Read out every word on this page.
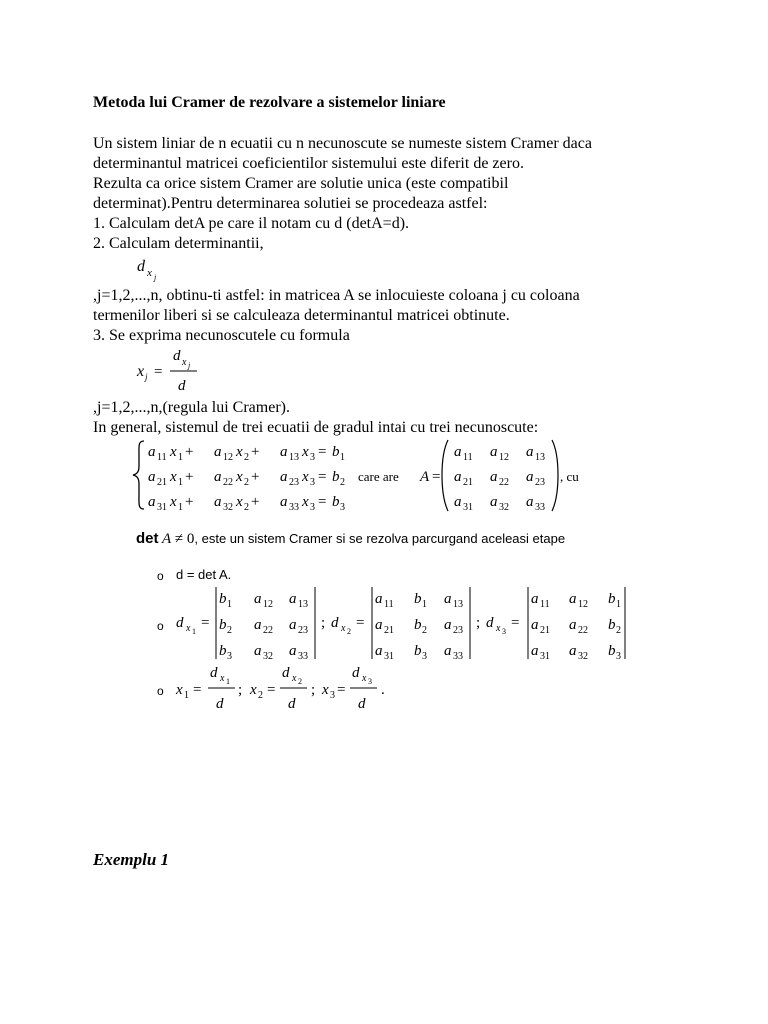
Metoda lui Cramer de rezolvare a sistemelor liniare
Un sistem liniar de n ecuatii cu n necunoscute se numeste sistem Cramer daca
determinantul matricei coeficientilor sistemului este diferit de zero.
Rezulta ca orice sistem Cramer are solutie unica (este compatibil
determinat).Pentru determinarea solutiei se procedeaza astfel:
1. Calculam detA pe care il notam cu d (detA=d).
2. Calculam determinantii,
d x j
,j=1,2,...,n, obtinu-ti astfel: in matricea A se inlocuieste coloana j cu coloana
termenilor liberi si se calculeaza determinantul matricei obtinute.
3. Se exprima necunoscutele cu formula
x j =
d x j
d
,j=1,2,...,n,(regula lui Cramer).
In general, sistemul de trei ecuatii de gradul intai cu trei necunoscute:
a 11 x 1 + a 12 x 2 + a 13 x 3 = b 1
a 21 x 1 + a 22 x 2 + a 23 x 3 = b 2
a 31 x 1 + a 32 x 2 + a 33 x 3 = b 3
care are A =
a 11 a 12 a 13
a 21 a 22 a 23
a 31 a 32 a 33
, cu
det A ≠ 0, este un sistem Cramer si se rezolva parcurgand aceleasi etape
o d = det A.
o d x 1
=
b 1 a 12 a 13
b 2 a 22 a 23
b 3 a 32 a 33
; d x 2
=
a 11 b 1 a 13
a 21 b 2 a 23
a 31 b 3 a 33
; d x 3
=
a 11 a 12 b 1
a 21 a 22 b 2
a 31 a 32 b 3
o x 1 =
d x 1
d
; x 2 =
d x 2
d
; x 3 =
d x 3
d
.
Exemplu 1
